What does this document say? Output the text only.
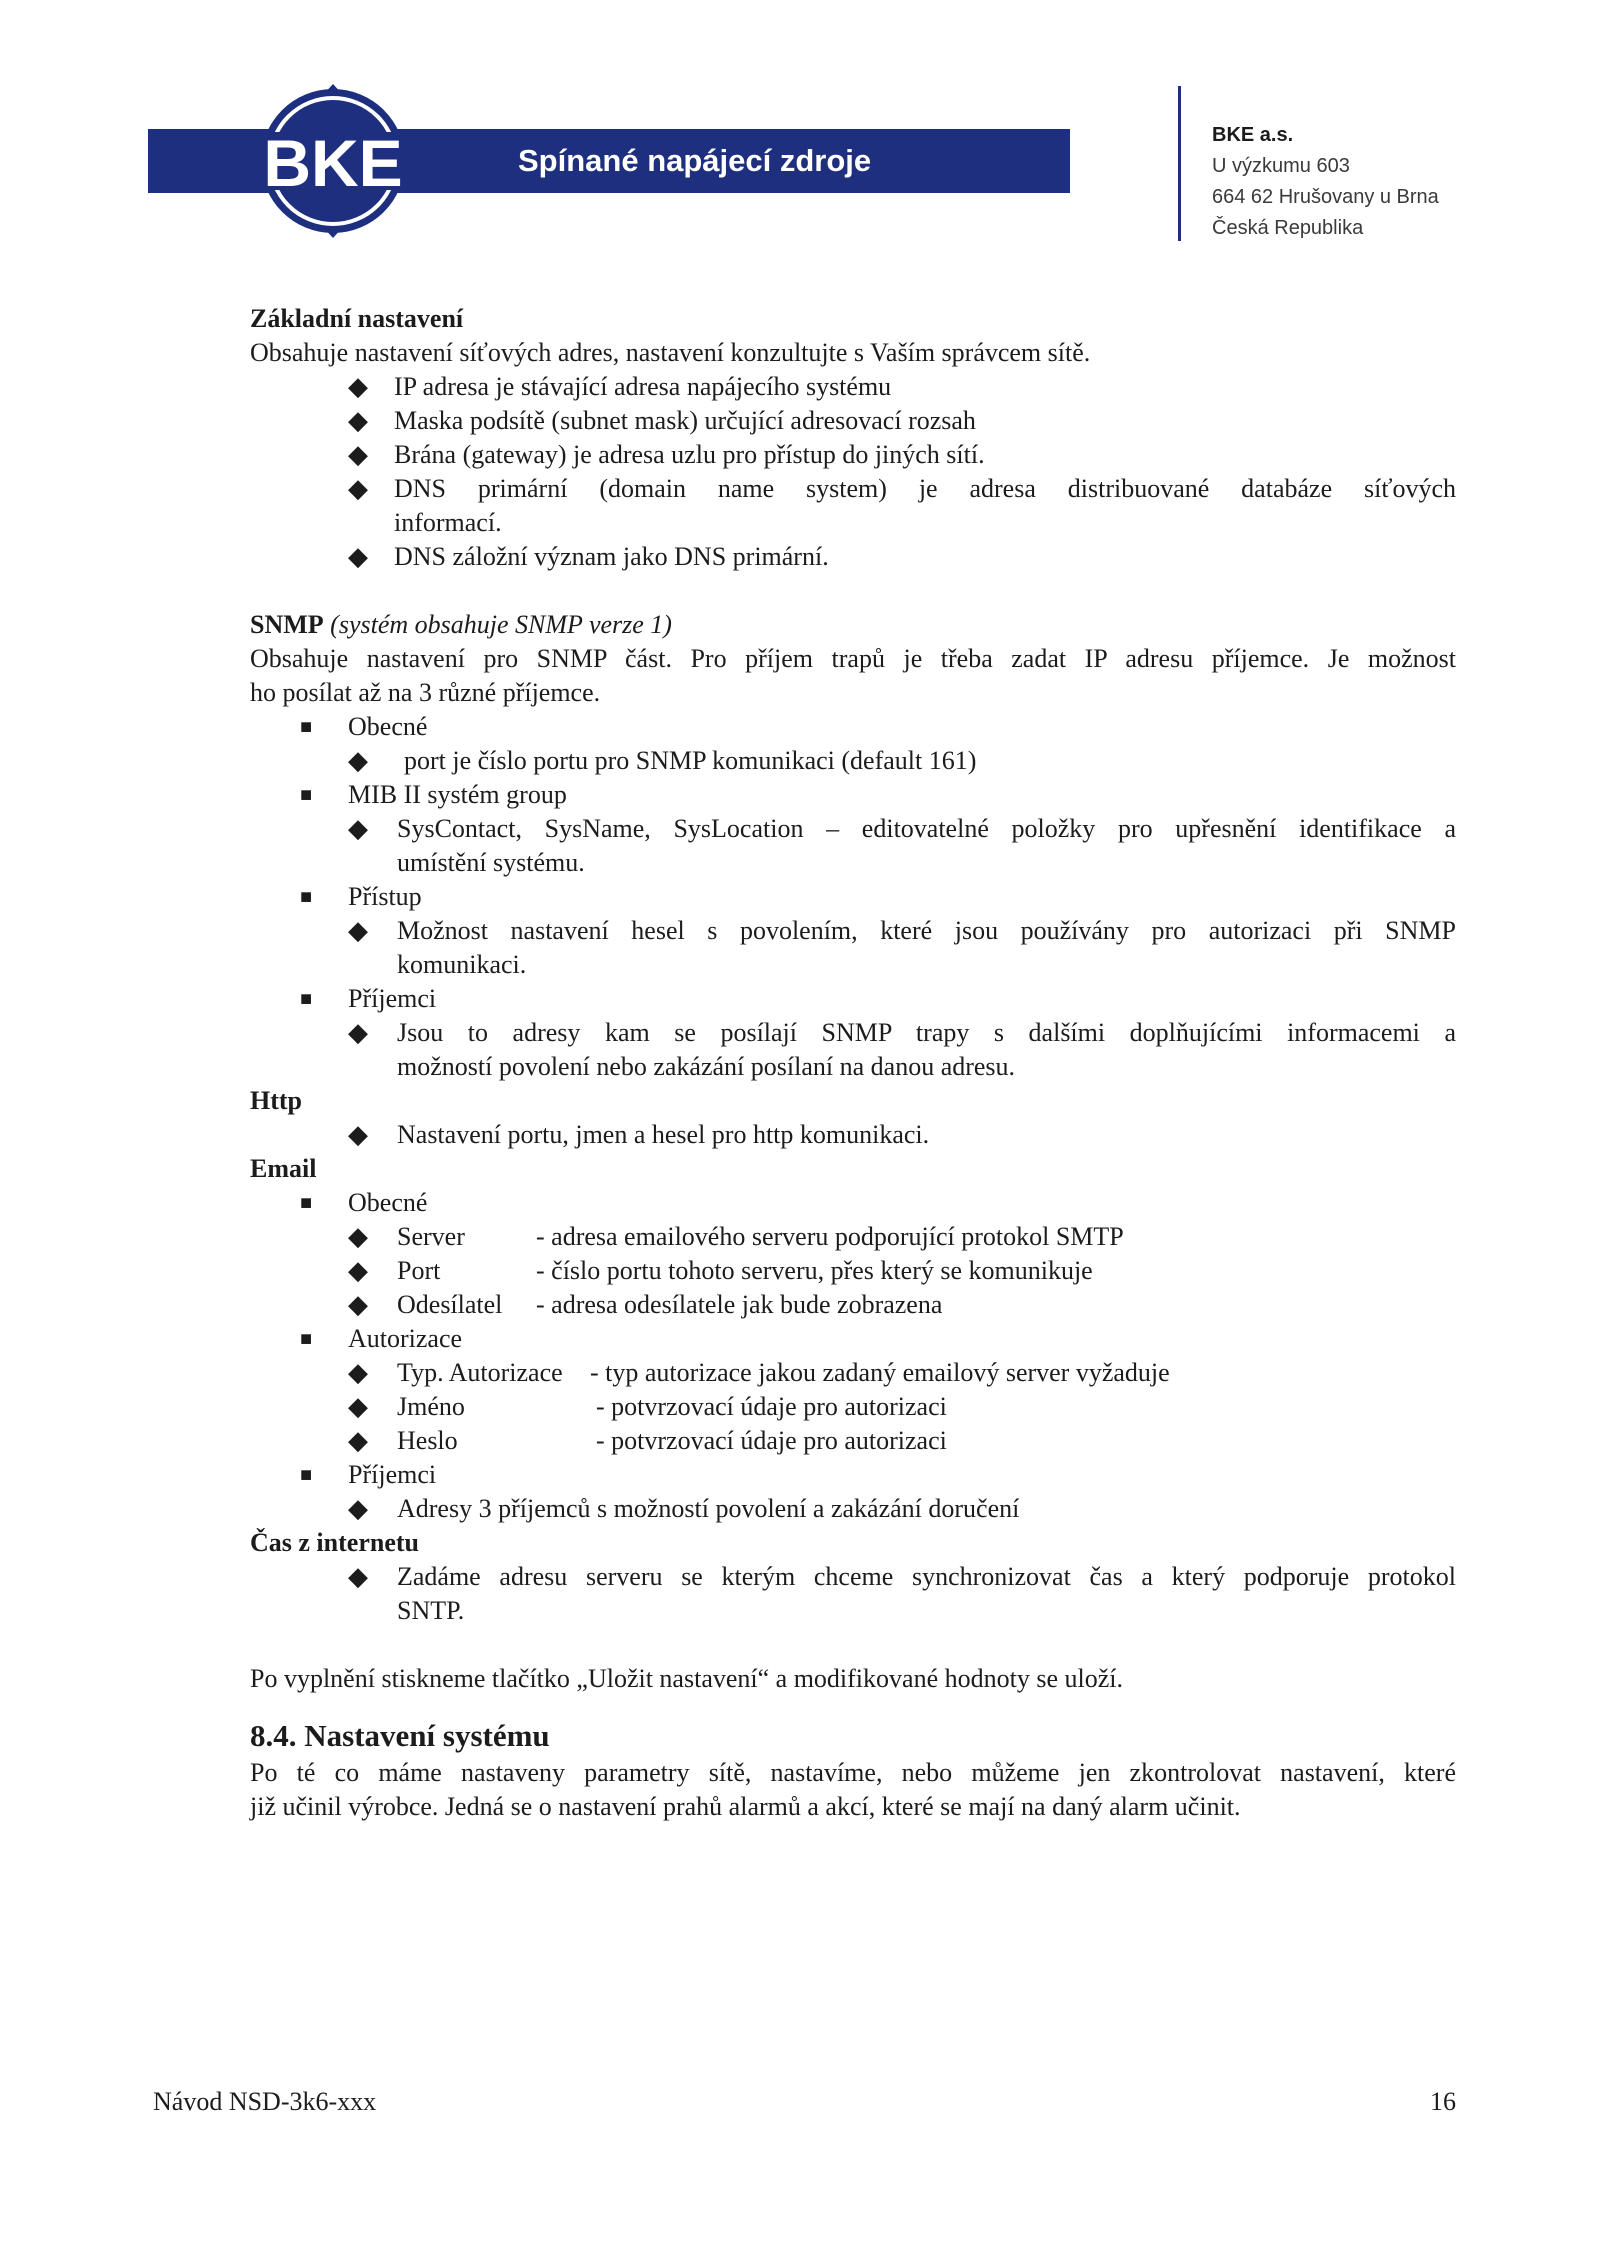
Spínané napájecí zdroje
BKE	BKE a.s.
U výzkumu 603
664 62 Hrušovany u Brna
Česká Republika
Základní nastavení
Obsahuje nastavení síťových adres, nastavení konzultujte s Vaším správcem sítě.
◆ IP adresa je stávající adresa napájecího systému
◆ Maska podsítě (subnet mask) určující adresovací rozsah
◆ Brána (gateway) je adresa uzlu pro přístup do jiných sítí.
◆ DNS primární (domain name system) je adresa distribuované databáze síťových
informací.
◆ DNS záložní význam jako DNS primární.
SNMP (systém obsahuje SNMP verze 1)
Obsahuje nastavení pro SNMP část. Pro příjem trapů je třeba zadat IP adresu příjemce. Je možnost
ho posílat až na 3 různé příjemce.
■ Obecné
◆ port je číslo portu pro SNMP komunikaci (default 161)
■ MIB II systém group
◆ SysContact, SysName, SysLocation – editovatelné položky pro upřesnění identifikace a
umístění systému.
■ Přístup
◆ Možnost nastavení hesel s povolením, které jsou používány pro autorizaci při SNMP
komunikaci.
■ Příjemci
◆ Jsou to adresy kam se posílají SNMP trapy s dalšími doplňujícími informacemi a
možností povolení nebo zakázání posílaní na danou adresu.
Http
◆ Nastavení portu, jmen a hesel pro http komunikaci.
Email
■ Obecné
◆ Server	- adresa emailového serveru podporující protokol SMTP
◆ Port	- číslo portu tohoto serveru, přes který se komunikuje
◆ Odesílatel - adresa odesílatele jak bude zobrazena
■ Autorizace
◆ Typ. Autorizace - typ autorizace jakou zadaný emailový server vyžaduje
◆ Jméno	- potvrzovací údaje pro autorizaci
◆ Heslo	- potvrzovací údaje pro autorizaci
■ Příjemci
◆ Adresy 3 příjemců s možností povolení a zakázání doručení
Čas z internetu
◆ Zadáme adresu serveru se kterým chceme synchronizovat čas a který podporuje protokol
SNTP.
Po vyplnění stiskneme tlačítko „Uložit nastavení“ a modifikované hodnoty se uloží.
8.4. Nastavení systému
Po té co máme nastaveny parametry sítě, nastavíme, nebo můžeme jen zkontrolovat nastavení, které
již učinil výrobce. Jedná se o nastavení prahů alarmů a akcí, které se mají na daný alarm učinit.
Návod NSD-3k6-xxx	16
